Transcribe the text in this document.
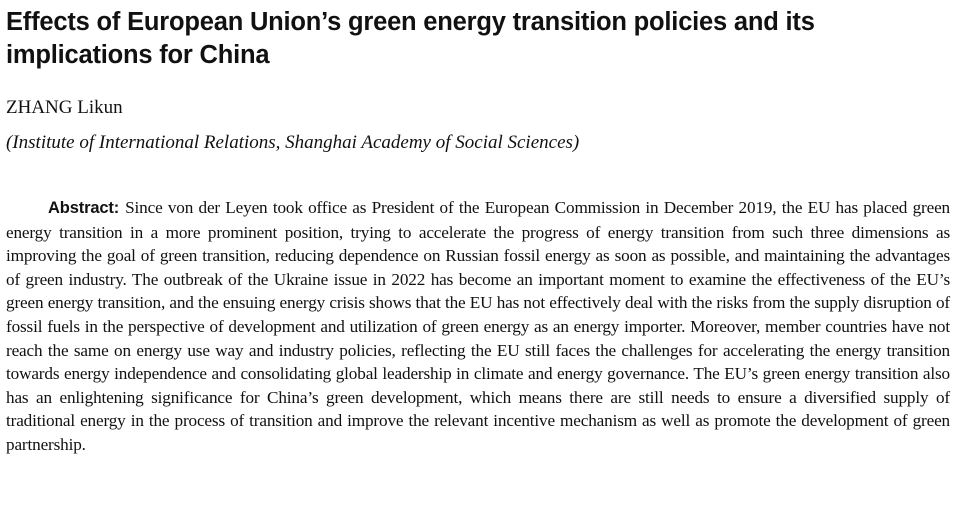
Effects of European Union’s green energy transition policies and its implications for China
ZHANG Likun
(Institute of International Relations, Shanghai Academy of Social Sciences)

Abstract: Since von der Leyen took office as President of the European Commission in December 2019, the EU has placed green energy transition in a more prominent position, trying to accelerate the progress of energy transition from such three dimensions as improving the goal of green transition, reducing dependence on Russian fossil energy as soon as possible, and maintaining the advantages of green industry. The outbreak of the Ukraine issue in 2022 has become an important moment to examine the effectiveness of the EU’s green energy transition, and the ensuing energy crisis shows that the EU has not effectively deal with the risks from the supply disruption of fossil fuels in the perspective of development and utilization of green energy as an energy importer. Moreover, member countries have not reach the same on energy use way and industry policies, reflecting the EU still faces the challenges for accelerating the energy transition towards energy independence and consolidating global leadership in climate and energy governance. The EU’s green energy transition also has an enlightening significance for China’s green development, which means there are still needs to ensure a diversified supply of traditional energy in the process of transition and improve the relevant incentive mechanism as well as promote the development of green partnership.
